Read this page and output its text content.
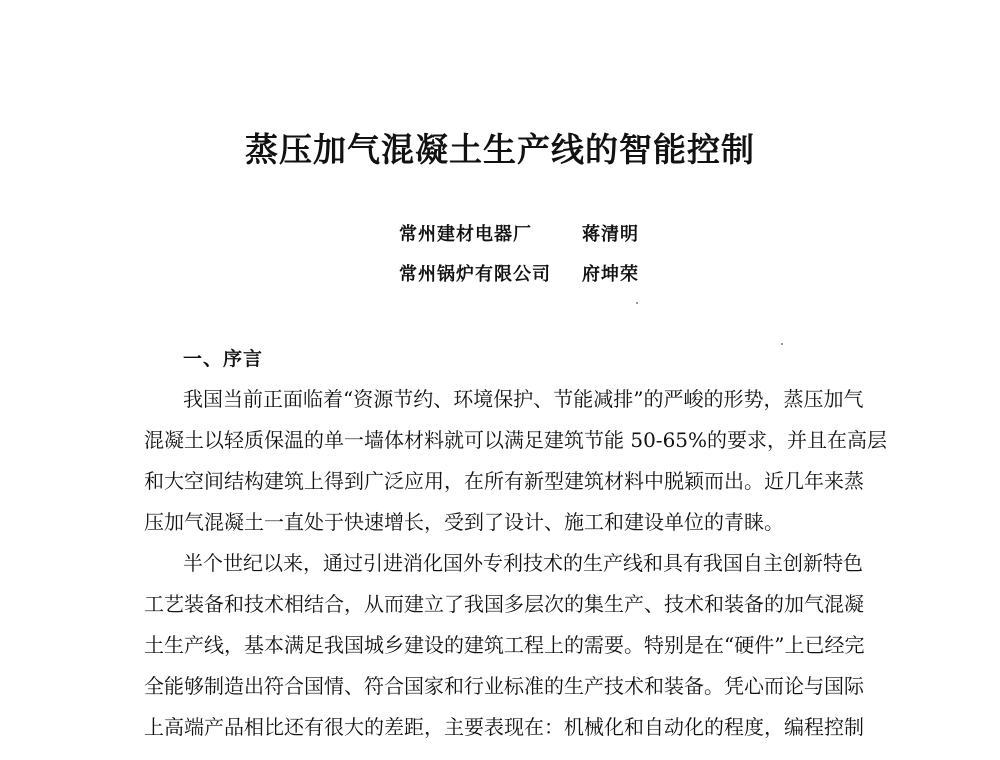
蒸压加气混凝土生产线的智能控制
常州建材电器厂	蒋清明
常州锅炉有限公司 府坤荣
一、序言
我国当前正面临着“资源节约、环境保护、节能减排”的严峻的形势，蒸压加气
混凝土以轻质保温的单一墙体材料就可以满足建筑节能 50-65%的要求，并且在高层
和大空间结构建筑上得到广泛应用，在所有新型建筑材料中脱颖而出。近几年来蒸
压加气混凝土一直处于快速增长，受到了设计、施工和建设单位的青睐。
半个世纪以来，通过引进消化国外专利技术的生产线和具有我国自主创新特色
工艺装备和技术相结合，从而建立了我国多层次的集生产、技术和装备的加气混凝
土生产线，基本满足我国城乡建设的建筑工程上的需要。特别是在“硬件”上已经完
全能够制造出符合国情、符合国家和行业标准的生产技术和装备。凭心而论与国际
上高端产品相比还有很大的差距，主要表现在：机械化和自动化的程度，编程控制
